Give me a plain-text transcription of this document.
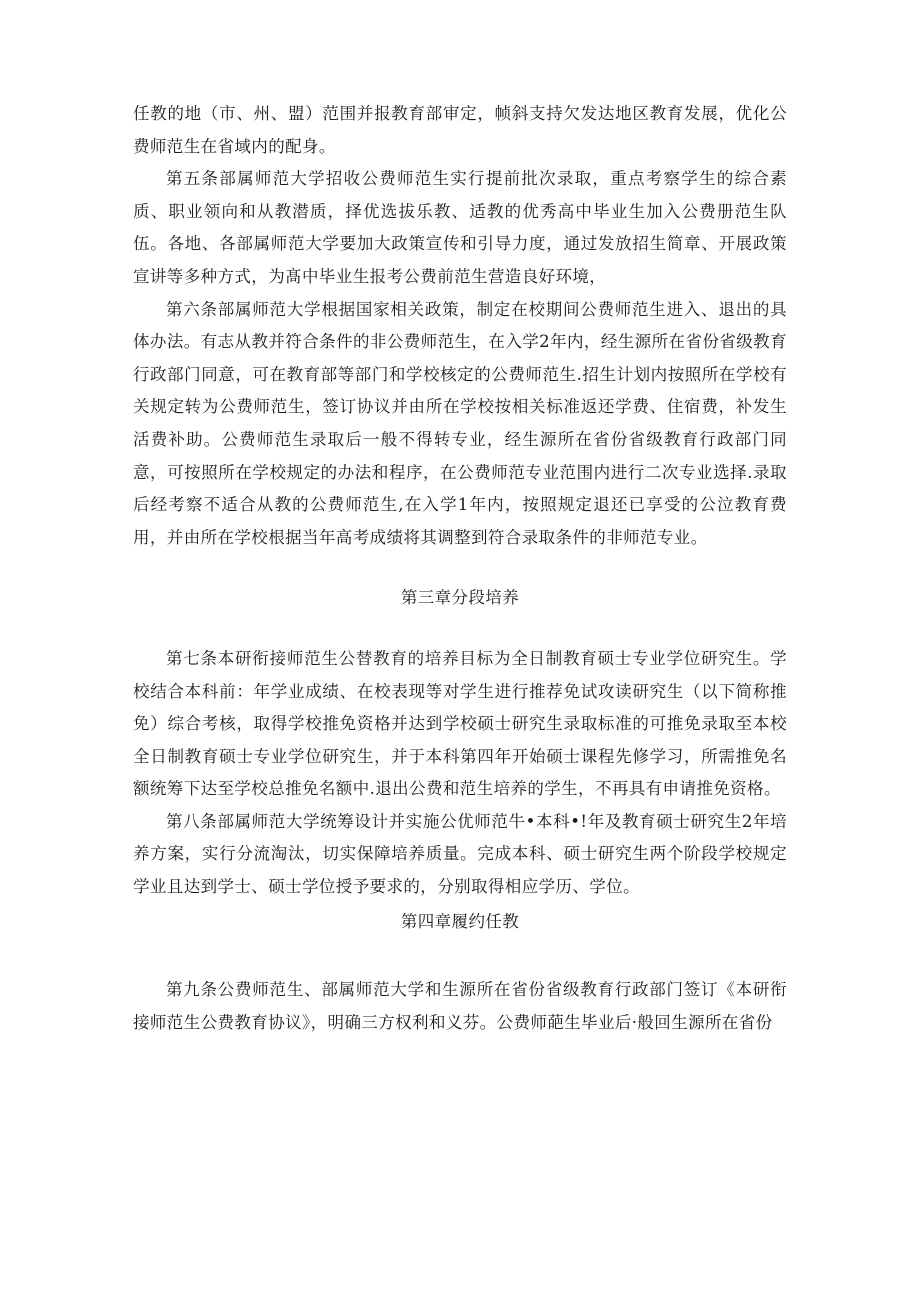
任教的地（市、州、盟）范围并报教育部审定，帧斜支持欠发达地区教育发展，优化公费师范生在省域内的配身。

第五条部属师范大学招收公费师范生实行提前批次录取，重点考察学生的综合素质、职业领向和从教潜质，择优选拔乐教、适教的优秀高中毕业生加入公费册范生队伍。各地、各部属师范大学要加大政策宣传和引导力度，通过发放招生简章、开展政策宣讲等多种方式，为髙中毕业生报考公费前范生营造良好环境，

第六条部属师范大学根据国家相关政策，制定在校期间公费师范生进入、退出的具体办法。有志从教并符合条件的非公费师范生，在入学2年内，经生源所在省份省级教育行政部门同意，可在教育部等部门和学校核定的公费师范生.招生计划内按照所在学校有关规定转为公费师范生，签订协议并由所在学校按相关标准返还学费、住宿费，补发生活费补助。公费师范生录取后一般不得转专业，经生源所在省份省级教育行政部门同意，可按照所在学校规定的办法和程序，在公费师范专业范围内进行二次专业选择.录取后经考察不适合从教的公费师范生,在入学1年内，按照规定退还已享受的公泣教育费用，并由所在学校根据当年高考成绩将其调整到符合录取条件的非师范专业。

第三章分段培养

第七条本研衔接师范生公替教育的培养目标为全日制教育硕士专业学位研究生。学校结合本科前：年学业成绩、在校表现等对学生进行推荐免试攻读研究生（以下简称推免）综合考核，取得学校推免资格并达到学校硕士研究生录取标准的可推免录取至本校全日制教育硕士专业学位研究生，并于本科第四年开始硕士课程先修学习，所需推免名额统筹下达至学校总推免名额中.退出公费和范生培养的学生，不再具有申请推免资格。

第八条部属师范大学统筹设计并实施公优师范牛•本科•!年及教育硕士研究生2年培养方案，实行分流淘汰，切实保障培养质量。完成本科、硕士研究生两个阶段学校规定学业且达到学士、硕士学位授予要求的，分别取得相应学历、学位。

第四章履约任教

第九条公费师范生、部属师范大学和生源所在省份省级教育行政部门签订《本研衔接师范生公费教育协议》，明确三方权利和义芬。公费师葩生毕业后·般回生源所在省份
